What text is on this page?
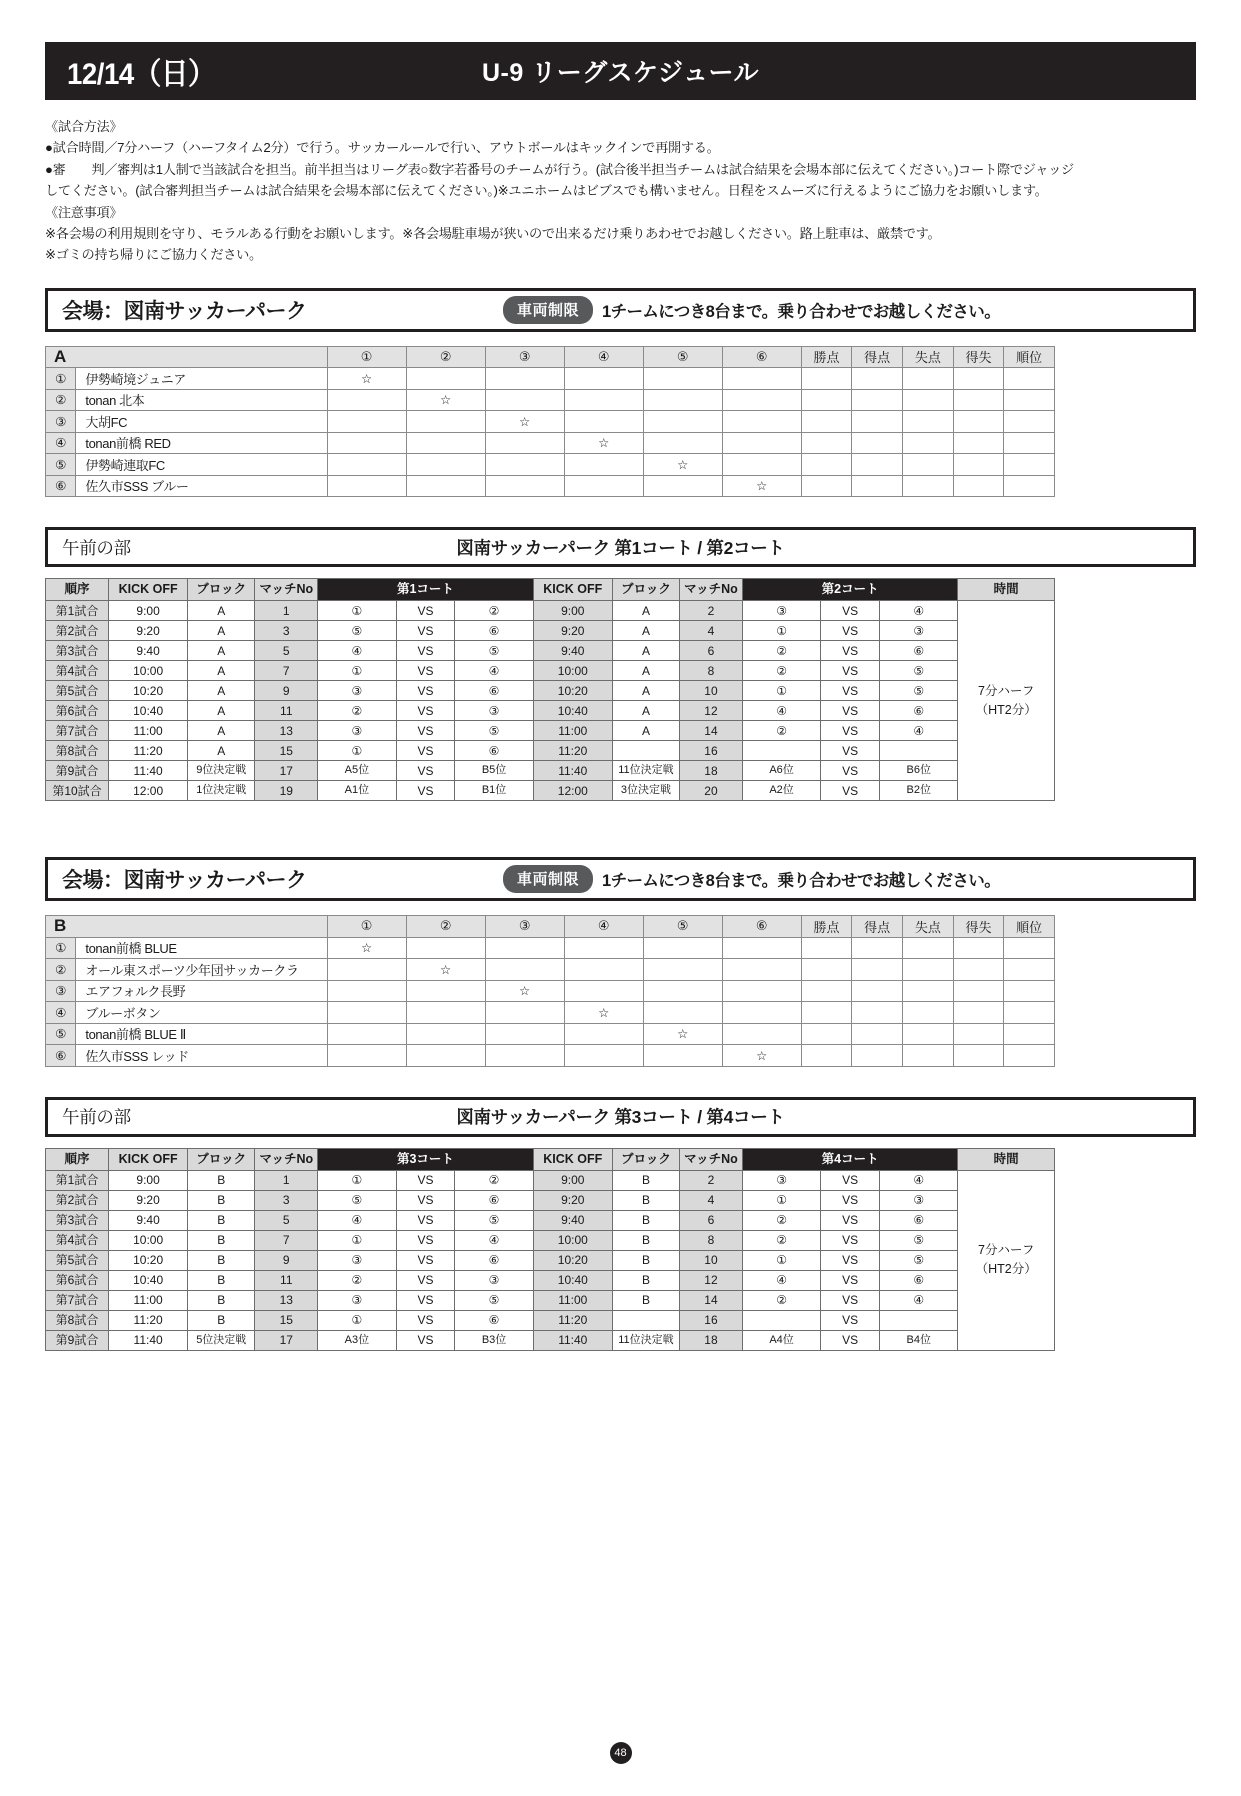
12/14（日）	U-9 リーグスケジュール

《試合方法》

●試合時間／7分ハーフ（ハーフタイム2分）で行う。サッカールールで行い、アウトボールはキックインで再開する。

●審　　判／審判は1人制で当該試合を担当。前半担当はリーグ表○数字若番号のチームが行う。(試合後半担当チームは試合結果を会場本部に伝えてください。)コート際でジャッジ

してください。(試合審判担当チームは試合結果を会場本部に伝えてください。)※ユニホームはビブスでも構いません。日程をスムーズに行えるようにご協力をお願いします。

《注意事項》

※各会場の利用規則を守り、モラルある行動をお願いします。※各会場駐車場が狭いので出来るだけ乗りあわせでお越しください。路上駐車は、厳禁です。

※ゴミの持ち帰りにご協力ください。

会場：図南サッカーパーク	車両制限	1チームにつき8台まで。乗り合わせでお越しください。
A		①	②	③	④	⑤	⑥	勝点	得点	失点	得失	順位
①	伊勢崎境ジュニア	☆										
②	tonan 北本		☆									
③	大胡FC			☆								
④	tonan前橋 RED				☆							
⑤	伊勢崎連取FC					☆						
⑥	佐久市SSS ブルー						☆					
午前の部	図南サッカーパーク 第1コート / 第2コート
順序	KICK OFF	ブロック	マッチNo	第1コート			KICK OFF	ブロック	マッチNo	第2コート			時間
第1試合	9:00	A	1	①	VS	②	9:00	A	2	③	VS	④	7分ハーフ
（HT2分）

第2試合	9:20	A	3	⑤	VS	⑥	9:20	A	4	①	VS	③	
第3試合	9:40	A	5	④	VS	⑤	9:40	A	6	②	VS	⑥	
第4試合	10:00	A	7	①	VS	④	10:00	A	8	②	VS	⑤	
第5試合	10:20	A	9	③	VS	⑥	10:20	A	10	①	VS	⑤	
第6試合	10:40	A	11	②	VS	③	10:40	A	12	④	VS	⑥	
第7試合	11:00	A	13	③	VS	⑤	11:00	A	14	②	VS	④	
第8試合	11:20	A	15	①	VS	⑥	11:20		16		VS		
第9試合	11:40	9位決定戦	17	A5位	VS	B5位	11:40	11位決定戦	18	A6位	VS	B6位	
第10試合	12:00	1位決定戦	19	A1位	VS	B1位	12:00	3位決定戦	20	A2位	VS	B2位	
会場：図南サッカーパーク	車両制限	1チームにつき8台まで。乗り合わせでお越しください。
B		①	②	③	④	⑤	⑥	勝点	得点	失点	得失	順位
①	tonan前橋 BLUE	☆										
②	オール東スポーツ少年団サッカークラ		☆									
③	エアフォルク長野			☆								
④	ブルーボタン				☆							
⑤	tonan前橋 BLUE Ⅱ					☆						
⑥	佐久市SSS レッド						☆					
午前の部	図南サッカーパーク 第3コート / 第4コート
順序	KICK OFF	ブロック	マッチNo	第3コート			KICK OFF	ブロック	マッチNo	第4コート			時間
第1試合	9:00	B	1	①	VS	②	9:00	B	2	③	VS	④	7分ハーフ
（HT2分）

第2試合	9:20	B	3	⑤	VS	⑥	9:20	B	4	①	VS	③	
第3試合	9:40	B	5	④	VS	⑤	9:40	B	6	②	VS	⑥	
第4試合	10:00	B	7	①	VS	④	10:00	B	8	②	VS	⑤	
第5試合	10:20	B	9	③	VS	⑥	10:20	B	10	①	VS	⑤	
第6試合	10:40	B	11	②	VS	③	10:40	B	12	④	VS	⑥	
第7試合	11:00	B	13	③	VS	⑤	11:00	B	14	②	VS	④	
第8試合	11:20	B	15	①	VS	⑥	11:20		16		VS		
第9試合	11:40	5位決定戦	17	A3位	VS	B3位	11:40	11位決定戦	18	A4位	VS	B4位	
48
